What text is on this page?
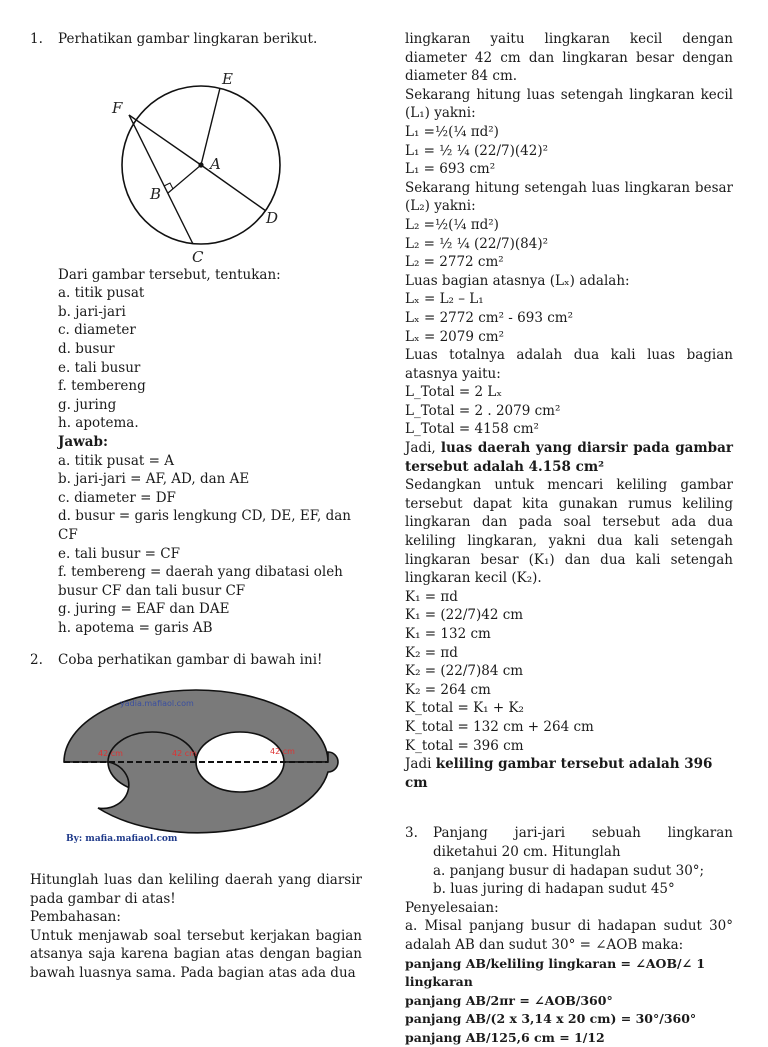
1. Perhatikan gambar lingkaran berikut.
E
F
A
B
D
C

Dari gambar tersebut, tentukan:

a. titik pusat

b. jari-jari

c. diameter

d. busur

e. tali busur

f. tembereng

g. juring

h. apotema.

Jawab:

a. titik pusat = A

b. jari-jari = AF, AD, dan AE

c. diameter = DF

d. busur = garis lengkung CD, DE, EF, dan CF

e. tali busur = CF

f. tembereng = daerah yang dibatasi oleh busur CF dan tali busur CF

g. juring = EAF dan DAE

h. apotema = garis AB

2. Coba perhatikan gambar di bawah ini!
yadia.mafiaol.com
42 cm	42 cm	42 cm
By: mafia.mafiaol.com

Hitunglah luas dan keliling daerah yang diarsir pada gambar di atas!

Pembahasan:

Untuk menjawab soal tersebut kerjakan bagian atsanya saja karena bagian atas dengan bagian bawah luasnya sama. Pada bagian atas ada dua

lingkaran yaitu lingkaran kecil dengan diameter 42 cm dan lingkaran besar dengan diameter 84 cm.

Sekarang hitung luas setengah lingkaran kecil (L₁) yakni:

L₁ =½(¼ πd²)

L₁ = ½ ¼ (22/7)(42)²

L₁ = 693 cm²

Sekarang hitung setengah luas lingkaran besar (L₂) yakni:

L₂ =½(¼ πd²)

L₂ = ½ ¼ (22/7)(84)²

L₂ = 2772 cm²

Luas bagian atasnya (Lₓ) adalah:

Lₓ = L₂ – L₁

Lₓ = 2772 cm² - 693 cm²

Lₓ = 2079 cm²

Luas totalnya adalah dua kali luas bagian atasnya yaitu:

L_Total = 2 Lₓ

L_Total = 2 . 2079 cm²

L_Total = 4158 cm²

Jadi, luas daerah yang diarsir pada gambar tersebut adalah 4.158 cm²

Sedangkan untuk mencari keliling gambar tersebut dapat kita gunakan rumus keliling lingkaran dan pada soal tersebut ada dua keliling lingkaran, yakni dua kali setengah lingkaran besar (K₁) dan dua kali setengah lingkaran kecil (K₂).

K₁ = πd

K₁ = (22/7)42 cm

K₁ = 132 cm

K₂ = πd

K₂ = (22/7)84 cm

K₂ = 264 cm

K_total = K₁ + K₂

K_total = 132 cm + 264 cm

K_total = 396 cm

Jadi keliling gambar tersebut adalah 396 cm

3. Panjang jari-jari sebuah lingkaran diketahui 20 cm. Hitunglah

a. panjang busur di hadapan sudut 30°;

b. luas juring di hadapan sudut 45°

Penyelesaian:

a. Misal panjang busur di hadapan sudut 30° adalah AB dan sudut 30° = ∠AOB maka:

panjang AB/keliling lingkaran = ∠AOB/∠ 1 lingkaran

panjang AB/2πr = ∠AOB/360°

panjang AB/(2 x 3,14 x 20 cm) = 30°/360°

panjang AB/125,6 cm = 1/12
